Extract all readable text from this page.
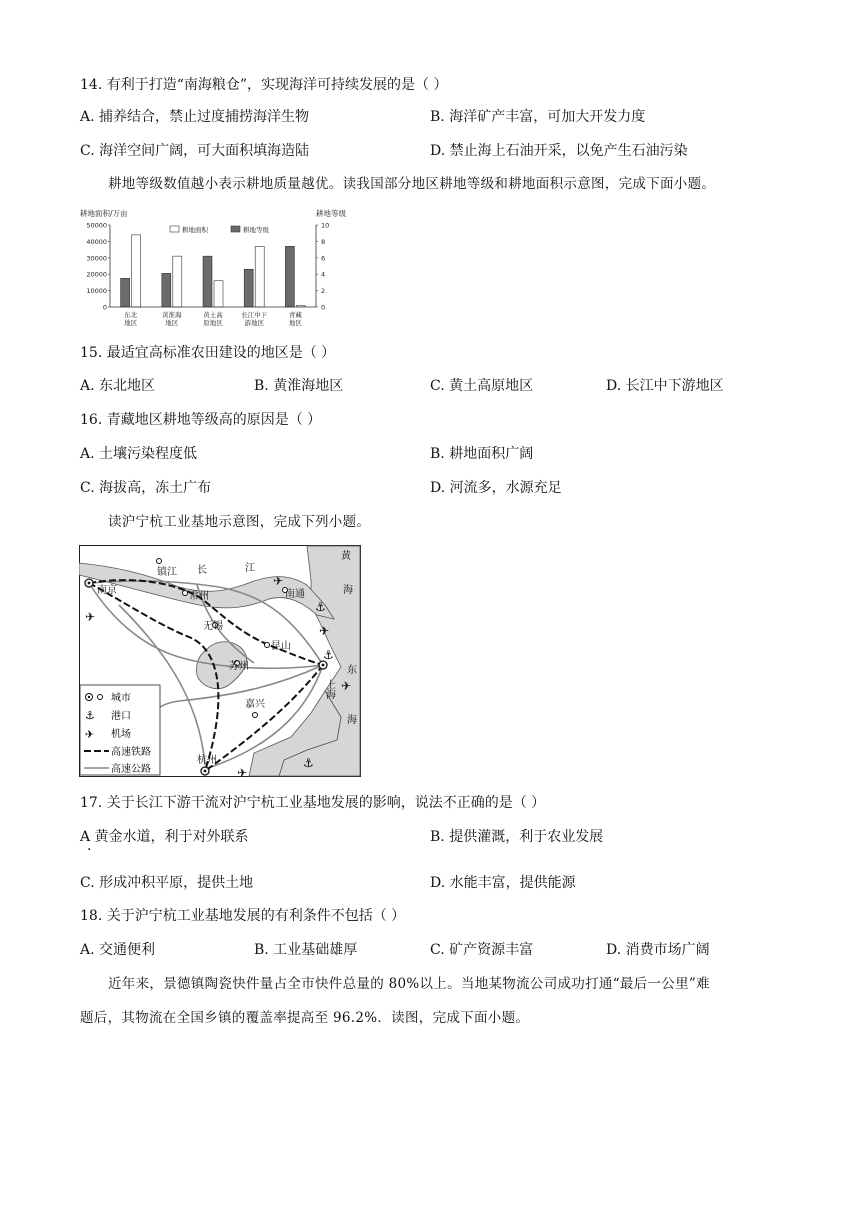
14. 有利于打造“南海粮仓”，实现海洋可持续发展的是（ ）
A. 捕养结合，禁止过度捕捞海洋生物	B. 海洋矿产丰富，可加大开发力度
C. 海洋空间广阔，可大面积填海造陆	D. 禁止海上石油开采，以免产生石油污染
耕地等级数值越小表示耕地质量越优。读我国部分地区耕地等级和耕地面积示意图，完成下面小题。
耕地面积/万亩	耕地等级
50000
40000
30000
20000
10000
0
10
8
6
4
2
0
东北
地区
黄淮海
地区
黄土高
原地区
长江中下
游地区
青藏
地区
耕地面积	耕地等级
15. 最适宜高标准农田建设的地区是（ ）
A. 东北地区	B. 黄淮海地区	C. 黄土高原地区	D. 长江中下游地区
16. 青藏地区耕地等级高的原因是（ ）
A. 土壤污染程度低	B. 耕地面积广阔
C. 海拔高，冻土广布	D. 河流多，水源充足
读沪宁杭工业基地示意图，完成下列小题。
南京
镇江
常州
无锡
苏州
昆山
南通
上海
嘉兴
杭州
长	江
黄
海
东
海
✈
✈
✈
✈
✈
⚓
⚓
⚓
城市
⚓ 港口
✈ 机场
高速铁路
高速公路
17. 关于长江下游干流对沪宁杭工业基地发展的影响，说法不正确的是（ ）
A 黄金水道，利于对外联系
·
B. 提供灌溉，利于农业发展
C. 形成冲积平原，提供土地	D. 水能丰富，提供能源
18. 关于沪宁杭工业基地发展的有利条件不包括（ ）
A. 交通便利	B. 工业基础雄厚	C. 矿产资源丰富	D. 消费市场广阔
近年来，景德镇陶瓷快件量占全市快件总量的 80%以上。当地某物流公司成功打通“最后一公里”难
题后，其物流在全国乡镇的覆盖率提高至 96.2%．读图，完成下面小题。
